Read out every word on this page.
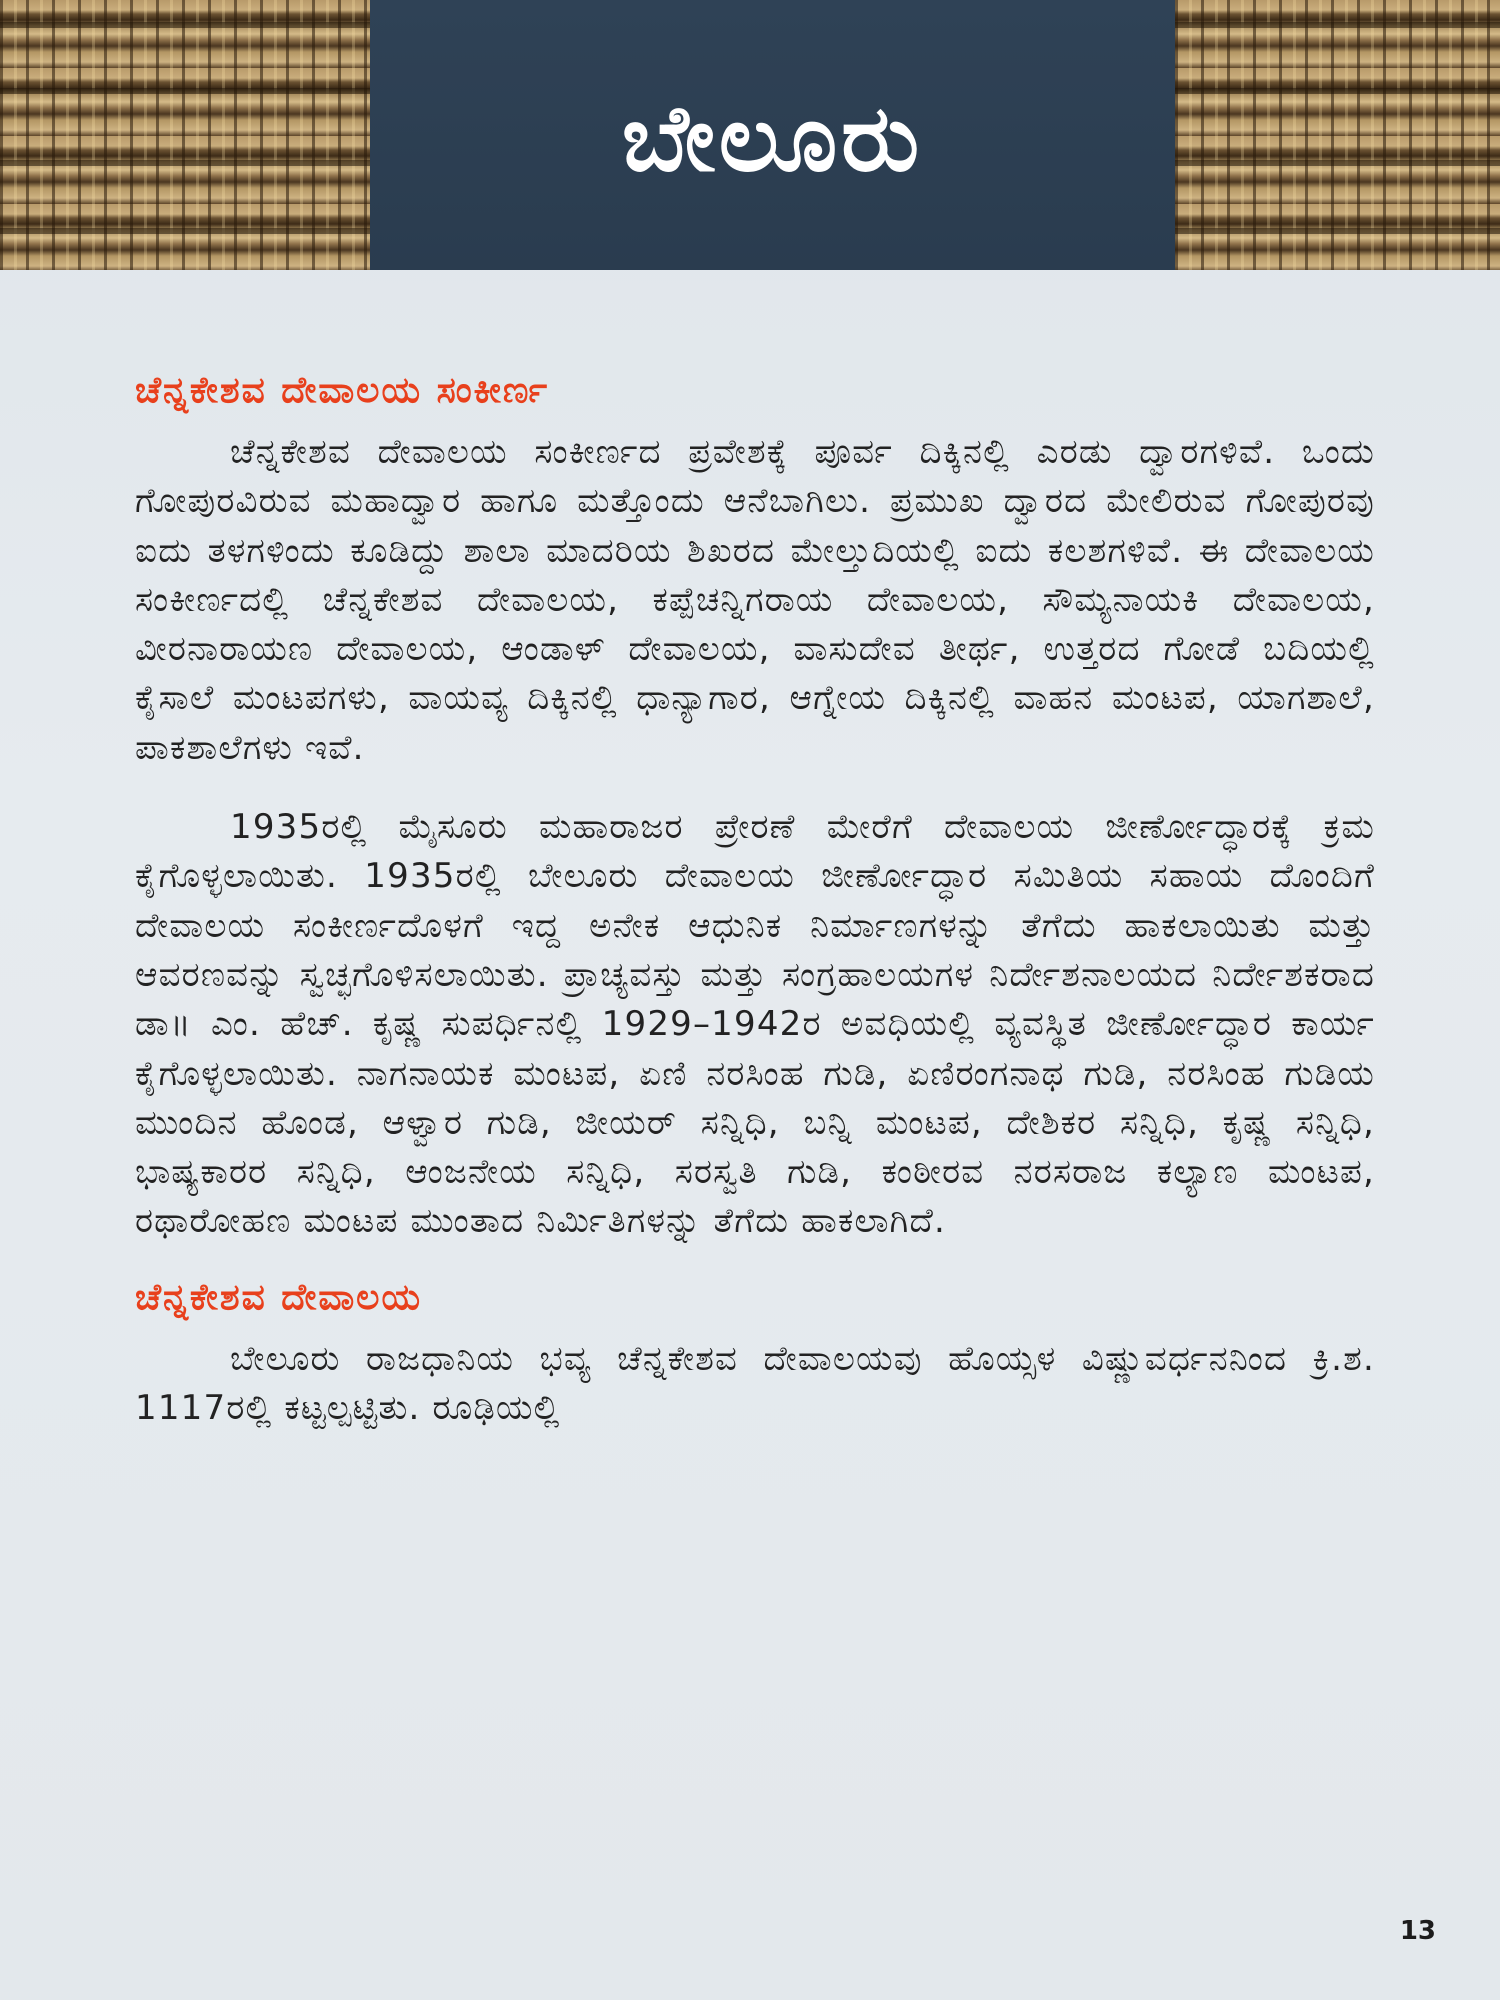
ಬೇಲೂರು
ಚೆನ್ನಕೇಶವ ದೇವಾಲಯ ಸಂಕೀರ್ಣ

ಚೆನ್ನಕೇಶವ ದೇವಾಲಯ ಸಂಕೀರ್ಣದ ಪ್ರವೇಶಕ್ಕೆ ಪೂರ್ವ ದಿಕ್ಕಿನಲ್ಲಿ ಎರಡು ದ್ವಾರಗಳಿವೆ. ಒಂದು ಗೋಪುರವಿರುವ ಮಹಾದ್ವಾರ ಹಾಗೂ ಮತ್ತೊಂದು ಆನೆಬಾಗಿಲು. ಪ್ರಮುಖ ದ್ವಾರದ ಮೇಲಿರುವ ಗೋಪುರವು ಐದು ತಳಗಳಿಂದು ಕೂಡಿದ್ದು ಶಾಲಾ ಮಾದರಿಯ ಶಿಖರದ ಮೇಲ್ತುದಿಯಲ್ಲಿ ಐದು ಕಲಶಗಳಿವೆ. ಈ ದೇವಾಲಯ ಸಂಕೀರ್ಣದಲ್ಲಿ ಚೆನ್ನಕೇಶವ ದೇವಾಲಯ, ಕಪ್ಪೆಚನ್ನಿಗರಾಯ ದೇವಾಲಯ, ಸೌಮ್ಯನಾಯಕಿ ದೇವಾಲಯ, ವೀರನಾರಾಯಣ ದೇವಾಲಯ, ಆಂಡಾಳ್ ದೇವಾಲಯ, ವಾಸುದೇವ ತೀರ್ಥ, ಉತ್ತರದ ಗೋಡೆ ಬದಿಯಲ್ಲಿ ಕೈಸಾಲೆ ಮಂಟಪಗಳು, ವಾಯವ್ಯ ದಿಕ್ಕಿನಲ್ಲಿ ಧಾನ್ಯಾಗಾರ, ಆಗ್ನೇಯ ದಿಕ್ಕಿನಲ್ಲಿ ವಾಹನ ಮಂಟಪ, ಯಾಗಶಾಲೆ, ಪಾಕಶಾಲೆಗಳು ಇವೆ.

1935ರಲ್ಲಿ ಮೈಸೂರು ಮಹಾರಾಜರ ಪ್ರೇರಣೆ ಮೇರೆಗೆ ದೇವಾಲಯ ಜೀರ್ಣೋದ್ಧಾರಕ್ಕೆ ಕ್ರಮ ಕೈಗೊಳ್ಳಲಾಯಿತು. 1935ರಲ್ಲಿ ಬೇಲೂರು ದೇವಾಲಯ ಜೀರ್ಣೋದ್ಧಾರ ಸಮಿತಿಯ ಸಹಾಯ ದೊಂದಿಗೆ ದೇವಾಲಯ ಸಂಕೀರ್ಣದೊಳಗೆ ಇದ್ದ ಅನೇಕ ಆಧುನಿಕ ನಿರ್ಮಾಣಗಳನ್ನು ತೆಗೆದು ಹಾಕಲಾಯಿತು ಮತ್ತು ಆವರಣವನ್ನು ಸ್ವಚ್ಛಗೊಳಿಸಲಾಯಿತು. ಪ್ರಾಚ್ಯವಸ್ತು ಮತ್ತು ಸಂಗ್ರಹಾಲಯಗಳ ನಿರ್ದೇಶನಾಲಯದ ನಿರ್ದೇಶಕರಾದ ಡಾ॥ ಎಂ. ಹೆಚ್. ಕೃಷ್ಣ ಸುಪರ್ಧಿನಲ್ಲಿ 1929–1942ರ ಅವಧಿಯಲ್ಲಿ ವ್ಯವಸ್ಥಿತ ಜೀರ್ಣೋದ್ಧಾರ ಕಾರ್ಯ ಕೈಗೊಳ್ಳಲಾಯಿತು. ನಾಗನಾಯಕ ಮಂಟಪ, ಏಣಿ ನರಸಿಂಹ ಗುಡಿ, ಏಣಿರಂಗನಾಥ ಗುಡಿ, ನರಸಿಂಹ ಗುಡಿಯ ಮುಂದಿನ ಹೊಂಡ, ಆಳ್ವಾರ ಗುಡಿ, ಜೀಯರ್ ಸನ್ನಿಧಿ, ಬನ್ನಿ ಮಂಟಪ, ದೇಶಿಕರ ಸನ್ನಿಧಿ, ಕೃಷ್ಣ ಸನ್ನಿಧಿ, ಭಾಷ್ಯಕಾರರ ಸನ್ನಿಧಿ, ಆಂಜನೇಯ ಸನ್ನಿಧಿ, ಸರಸ್ವತಿ ಗುಡಿ, ಕಂಠೀರವ ನರಸರಾಜ ಕಲ್ಯಾಣ ಮಂಟಪ, ರಥಾರೋಹಣ ಮಂಟಪ ಮುಂತಾದ ನಿರ್ಮಿತಿಗಳನ್ನು ತೆಗೆದು ಹಾಕಲಾಗಿದೆ.

ಚೆನ್ನಕೇಶವ ದೇವಾಲಯ

ಬೇಲೂರು ರಾಜಧಾನಿಯ ಭವ್ಯ ಚೆನ್ನಕೇಶವ ದೇವಾಲಯವು ಹೊಯ್ಸಳ ವಿಷ್ಣುವರ್ಧನನಿಂದ ಕ್ರಿ.ಶ. 1117ರಲ್ಲಿ ಕಟ್ಟಲ್ಪಟ್ಟಿತು. ರೂಢಿಯಲ್ಲಿ

13
